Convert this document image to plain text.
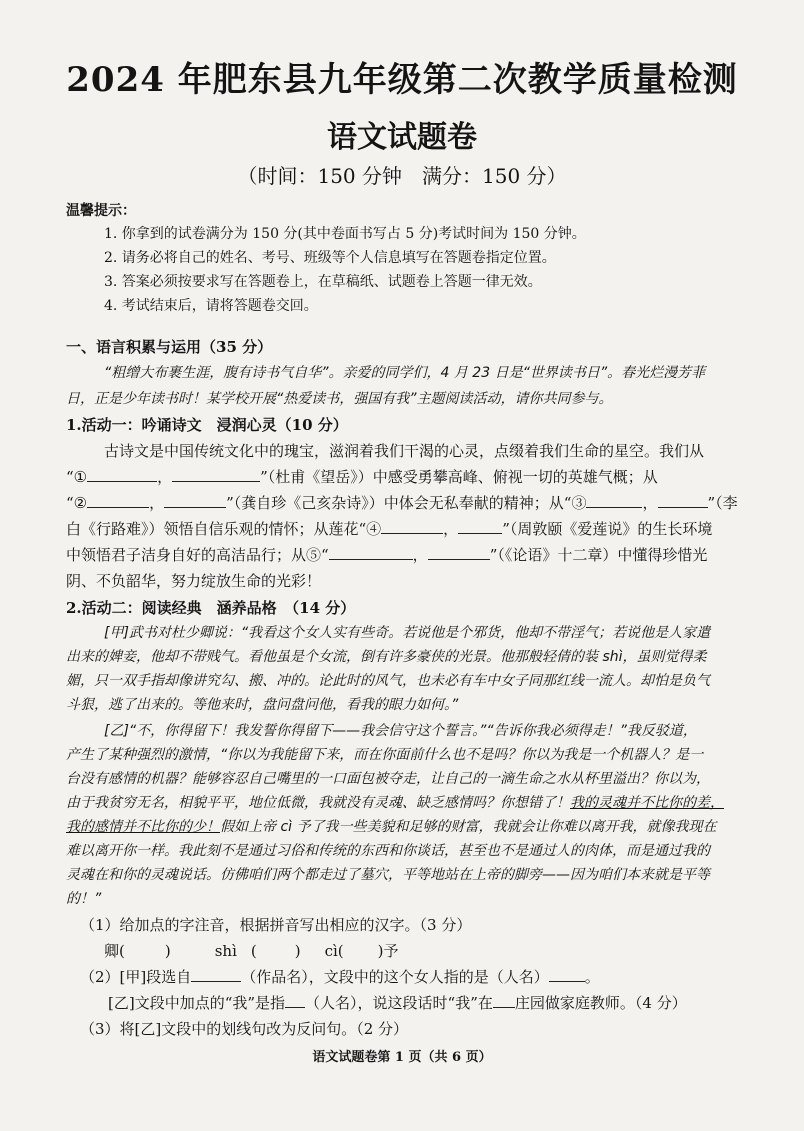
2024 年肥东县九年级第二次教学质量检测
语文试题卷
（时间：150 分钟　满分：150 分）
温馨提示：
1. 你拿到的试卷满分为 150 分(其中卷面书写占 5 分)考试时间为 150 分钟。
2. 请务必将自己的姓名、考号、班级等个人信息填写在答题卷指定位置。
3. 答案必须按要求写在答题卷上，在草稿纸、试题卷上答题一律无效。
4. 考试结束后，请将答题卷交回。
一、语言积累与运用（35 分）
“粗缯大布裹生涯，腹有诗书气自华”。亲爱的同学们，4 月 23 日是“世界读书日”。春光烂漫芳菲
日，正是少年读书时！某学校开展“热爱读书，强国有我”主题阅读活动，请你共同参与。
1.活动一：吟诵诗文　浸润心灵（10 分）
古诗文是中国传统文化中的瑰宝，滋润着我们干渴的心灵，点缀着我们生命的星空。我们从
“①	，	”（杜甫《望岳》）中感受勇攀高峰、俯视一切的英雄气概；从
“②	，	”（龚自珍《己亥杂诗》）中体会无私奉献的精神；从“③	，	”（李
白《行路难》）领悟自信乐观的情怀；从莲花“④	，	”（周敦颐《爱莲说》的生长环境
中领悟君子洁身自好的高洁品行；从⑤“	，	”（《论语》十二章）中懂得珍惜光
阴、不负韶华，努力绽放生命的光彩！
2.活动二：阅读经典　涵养品格　（14 分）
[甲]武书对杜少卿说：“我看这个女人实有些奇。若说他是个邪货，他却不带淫气；若说他是人家遣
出来的婢妾，他却不带贱气。看他虽是个女流，倒有许多豪侠的光景。他那般轻倩的装 shì，虽则觉得柔
媚，只一双手指却像讲究勾、搬、冲的。论此时的风气，也未必有车中女子同那红线一流人。却怕是负气
斗狠，逃了出来的。等他来时，盘问盘问他，看我的眼力如何。”
[乙]“不，你得留下！我发誓你得留下——我会信守这个誓言。”“告诉你我必须得走！”我反驳道，
产生了某种强烈的激情，“你以为我能留下来，而在你面前什么也不是吗？你以为我是一个机器人？是一
台没有感情的机器？能够容忍自己嘴里的一口面包被夺走，让自己的一滴生命之水从杯里溢出？你以为，
由于我贫穷无名，相貌平平，地位低微，我就没有灵魂、缺乏感情吗？你想错了！我的灵魂并不比你的差，
我的感情并不比你的少！假如上帝 cì 予了我一些美貌和足够的财富，我就会让你难以离开我，就像我现在
难以离开你一样。我此刻不是通过习俗和传统的东西和你谈话，甚至也不是通过人的肉体，而是通过我的
灵魂在和你的灵魂说话。仿佛咱们两个都走过了墓穴，平等地站在上帝的脚旁——因为咱们本来就是平等
的！”
（1）给加点的字注音，根据拼音写出相应的汉字。（3 分）
卿(	)	shì (	) cì( )予
（2）[甲]段选自	（作品名），文段中的这个女人指的是（人名） 。
[乙]文段中加点的“我”是指 （人名），说这段话时“我”在 庄园做家庭教师。（4 分）
（3）将[乙]文段中的划线句改为反问句。（2 分）
语文试题卷第 1 页（共 6 页）
